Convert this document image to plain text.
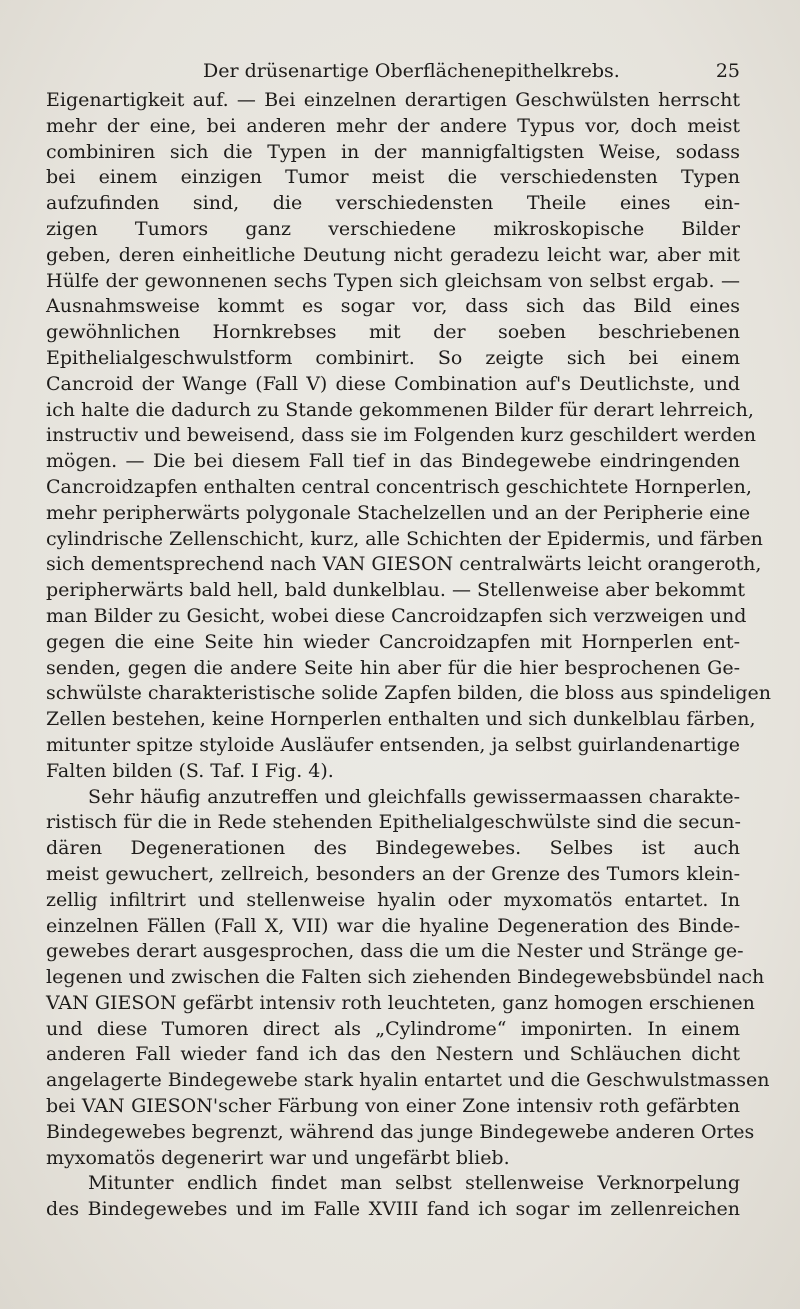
Der drüsenartige Oberflächenepithelkrebs.	25
Eigenartigkeit auf. — Bei einzelnen derartigen Geschwülsten herrscht
mehr der eine, bei anderen mehr der andere Typus vor, doch meist
combiniren sich die Typen in der mannigfaltigsten Weise, sodass
bei einem einzigen Tumor meist die verschiedensten Typen
aufzufinden sind, die verschiedensten Theile eines ein-
zigen Tumors ganz verschiedene mikroskopische Bilder
geben, deren einheitliche Deutung nicht geradezu leicht war, aber mit
Hülfe der gewonnenen sechs Typen sich gleichsam von selbst ergab. —
Ausnahmsweise kommt es sogar vor, dass sich das Bild eines
gewöhnlichen Hornkrebses mit der soeben beschriebenen
Epithelialgeschwulstform combinirt. So zeigte sich bei einem
Cancroid der Wange (Fall V) diese Combination auf's Deutlichste, und
ich halte die dadurch zu Stande gekommenen Bilder für derart lehrreich,
instructiv und beweisend, dass sie im Folgenden kurz geschildert werden
mögen. — Die bei diesem Fall tief in das Bindegewebe eindringenden
Cancroidzapfen enthalten central concentrisch geschichtete Hornperlen,
mehr peripherwärts polygonale Stachelzellen und an der Peripherie eine
cylindrische Zellenschicht, kurz, alle Schichten der Epidermis, und färben
sich dementsprechend nach VAN GIESON centralwärts leicht orangeroth,
peripherwärts bald hell, bald dunkelblau. — Stellenweise aber bekommt
man Bilder zu Gesicht, wobei diese Cancroidzapfen sich verzweigen und
gegen die eine Seite hin wieder Cancroidzapfen mit Hornperlen ent-
senden, gegen die andere Seite hin aber für die hier besprochenen Ge-
schwülste charakteristische solide Zapfen bilden, die bloss aus spindeligen
Zellen bestehen, keine Hornperlen enthalten und sich dunkelblau färben,
mitunter spitze styloide Ausläufer entsenden, ja selbst guirlandenartige
Falten bilden (S. Taf. I Fig. 4).
Sehr häufig anzutreffen und gleichfalls gewissermaassen charakte-
ristisch für die in Rede stehenden Epithelialgeschwülste sind die secun-
dären Degenerationen des Bindegewebes. Selbes ist auch
meist gewuchert, zellreich, besonders an der Grenze des Tumors klein-
zellig infiltrirt und stellenweise hyalin oder myxomatös entartet. In
einzelnen Fällen (Fall X, VII) war die hyaline Degeneration des Binde-
gewebes derart ausgesprochen, dass die um die Nester und Stränge ge-
legenen und zwischen die Falten sich ziehenden Bindegewebsbündel nach
VAN GIESON gefärbt intensiv roth leuchteten, ganz homogen erschienen
und diese Tumoren direct als „Cylindrome“ imponirten. In einem
anderen Fall wieder fand ich das den Nestern und Schläuchen dicht
angelagerte Bindegewebe stark hyalin entartet und die Geschwulstmassen
bei VAN GIESON'scher Färbung von einer Zone intensiv roth gefärbten
Bindegewebes begrenzt, während das junge Bindegewebe anderen Ortes
myxomatös degenerirt war und ungefärbt blieb.
Mitunter endlich findet man selbst stellenweise Verknorpelung
des Bindegewebes und im Falle XVIII fand ich sogar im zellenreichen
